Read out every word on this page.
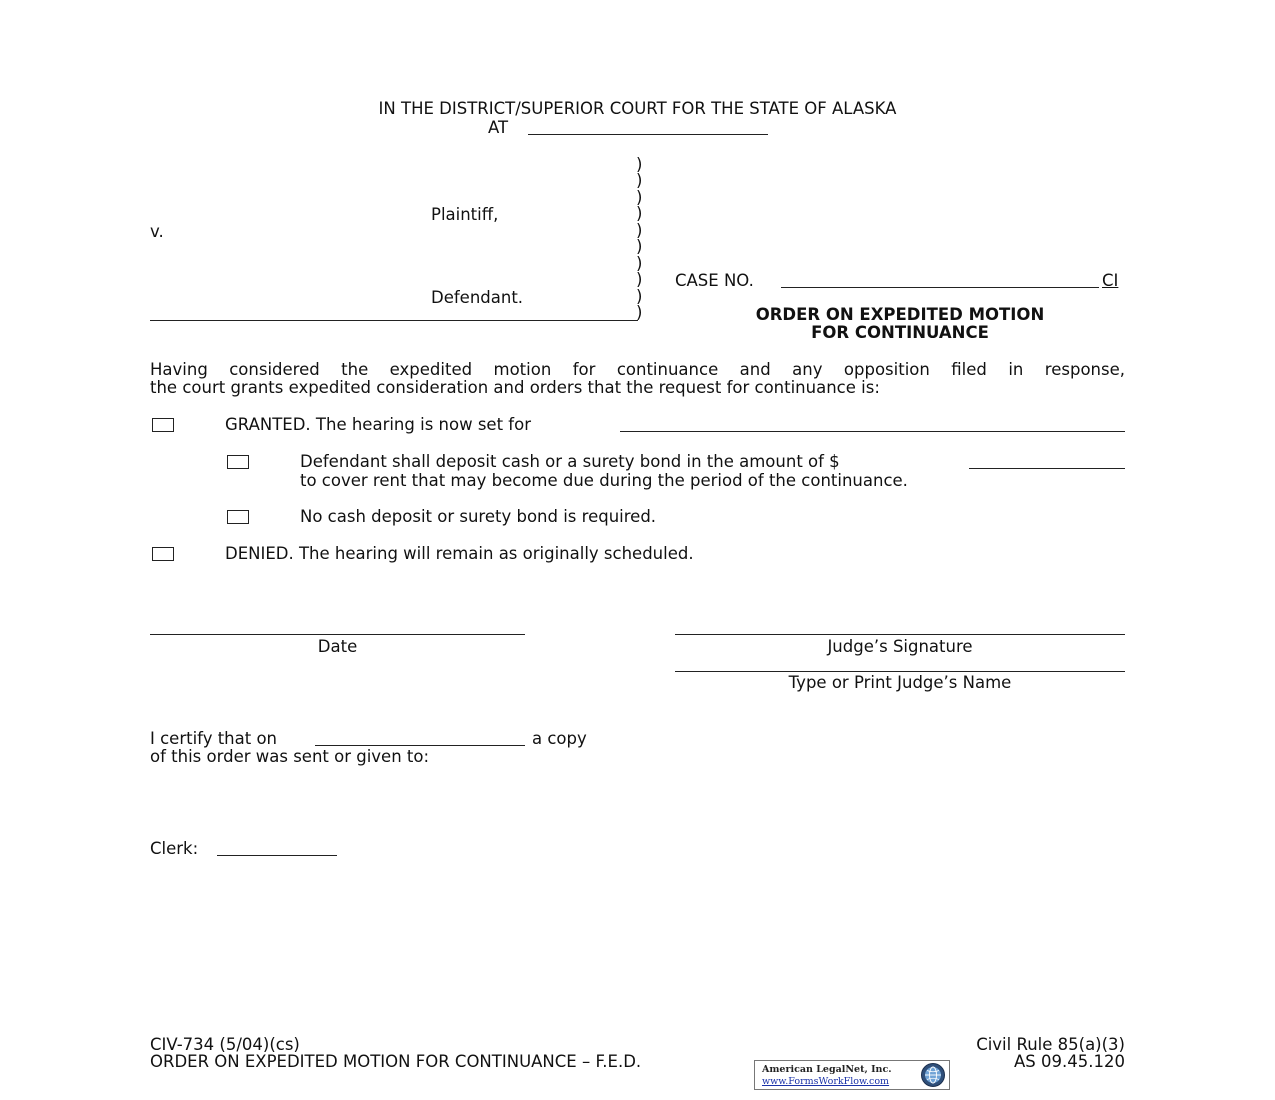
IN THE DISTRICT/SUPERIOR COURT FOR THE STATE OF ALASKA
AT
)
)
)
)
)
)
)
)
)
)
Plaintiff,
v.
Defendant.
CASE NO.	CI
ORDER ON EXPEDITED MOTION
FOR CONTINUANCE
Having considered the expedited motion for continuance and any opposition filed in response,
the court grants expedited consideration and orders that the request for continuance is:
GRANTED. The hearing is now set for
Defendant shall deposit cash or a surety bond in the amount of $
to cover rent that may become due during the period of the continuance.
No cash deposit or surety bond is required.
DENIED. The hearing will remain as originally scheduled.
Date	Judge’s Signature
Type or Print Judge’s Name
I certify that on	a copy
of this order was sent or given to:
Clerk:
CIV-734 (5/04)(cs)
ORDER ON EXPEDITED MOTION FOR CONTINUANCE – F.E.D.
Civil Rule 85(a)(3)
AS 09.45.120
American LegalNet, Inc.
www.FormsWorkFlow.com
